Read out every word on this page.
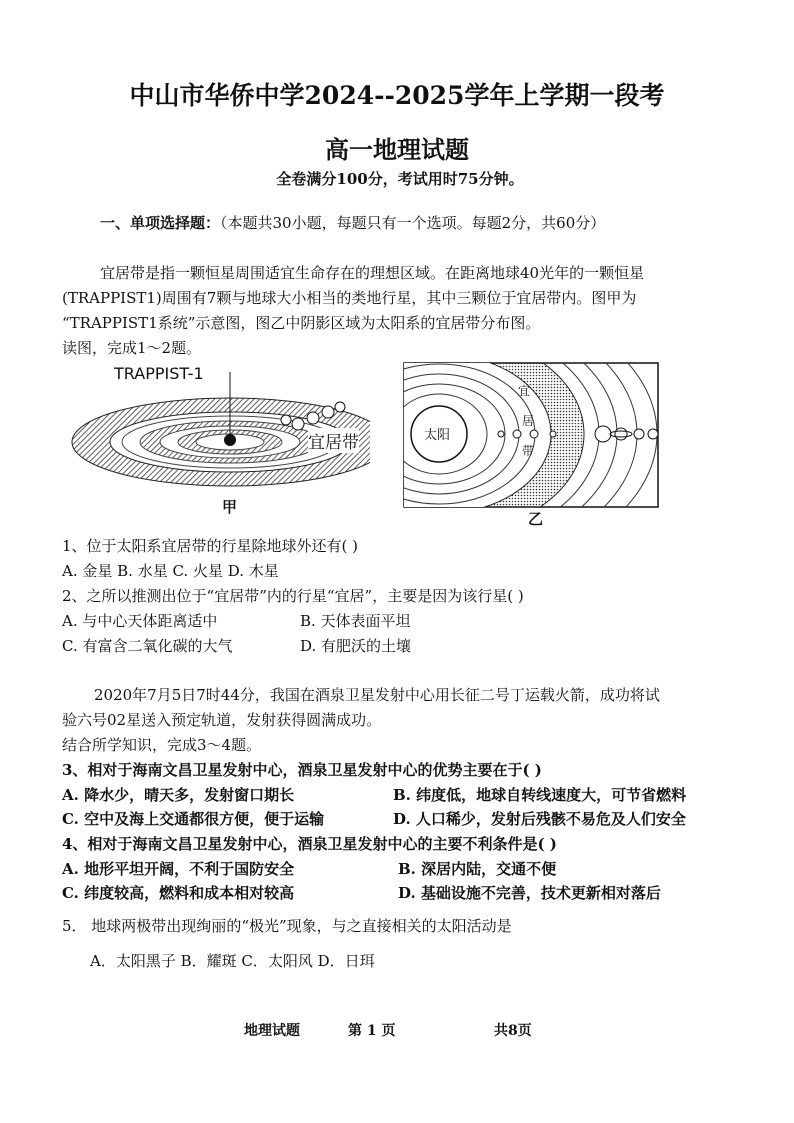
中山市华侨中学2024--2025学年上学期一段考
高一地理试题
全卷满分100分，考试用时75分钟。
一、单项选择题：（本题共30小题，每题只有一个选项。每题2分，共60分）
宜居带是指一颗恒星周围适宜生命存在的理想区域。在距离地球40光年的一颗恒星
(TRAPPIST1)周围有7颗与地球大小相当的类地行星，其中三颗位于宜居带内。图甲为
“TRAPPIST1系统”示意图，图乙中阴影区域为太阳系的宜居带分布图。
读图，完成1～2题。
TRAPPIST-1
宜居带
甲
太阳
宜
居
带
乙
1、位于太阳系宜居带的行星除地球外还有( )
A. 金星 B. 水星 C. 火星 D. 木星
2、之所以推测出位于“宜居带”内的行星“宜居”，主要是因为该行星( )
A. 与中心天体距离适中	B. 天体表面平坦
C. 有富含二氧化碳的大气	D. 有肥沃的土壤
2020年7月5日7时44分，我国在酒泉卫星发射中心用长征二号丁运载火箭，成功将试
验六号02星送入预定轨道，发射获得圆满成功。
结合所学知识，完成3～4题。
3、相对于海南文昌卫星发射中心，酒泉卫星发射中心的优势主要在于( )
A. 降水少，晴天多，发射窗口期长	B. 纬度低，地球自转线速度大，可节省燃料
C. 空中及海上交通都很方便，便于运输	D. 人口稀少，发射后残骸不易危及人们安全
4、相对于海南文昌卫星发射中心，酒泉卫星发射中心的主要不利条件是( )
A. 地形平坦开阔，不利于国防安全	B. 深居内陆，交通不便
C. 纬度较高，燃料和成本相对较高	D. 基础设施不完善，技术更新相对落后
5． 地球两极带出现绚丽的“极光”现象，与之直接相关的太阳活动是
A．太阳黑子 B．耀斑 C．太阳风 D．日珥
地理试题	第 1 页	共8页
